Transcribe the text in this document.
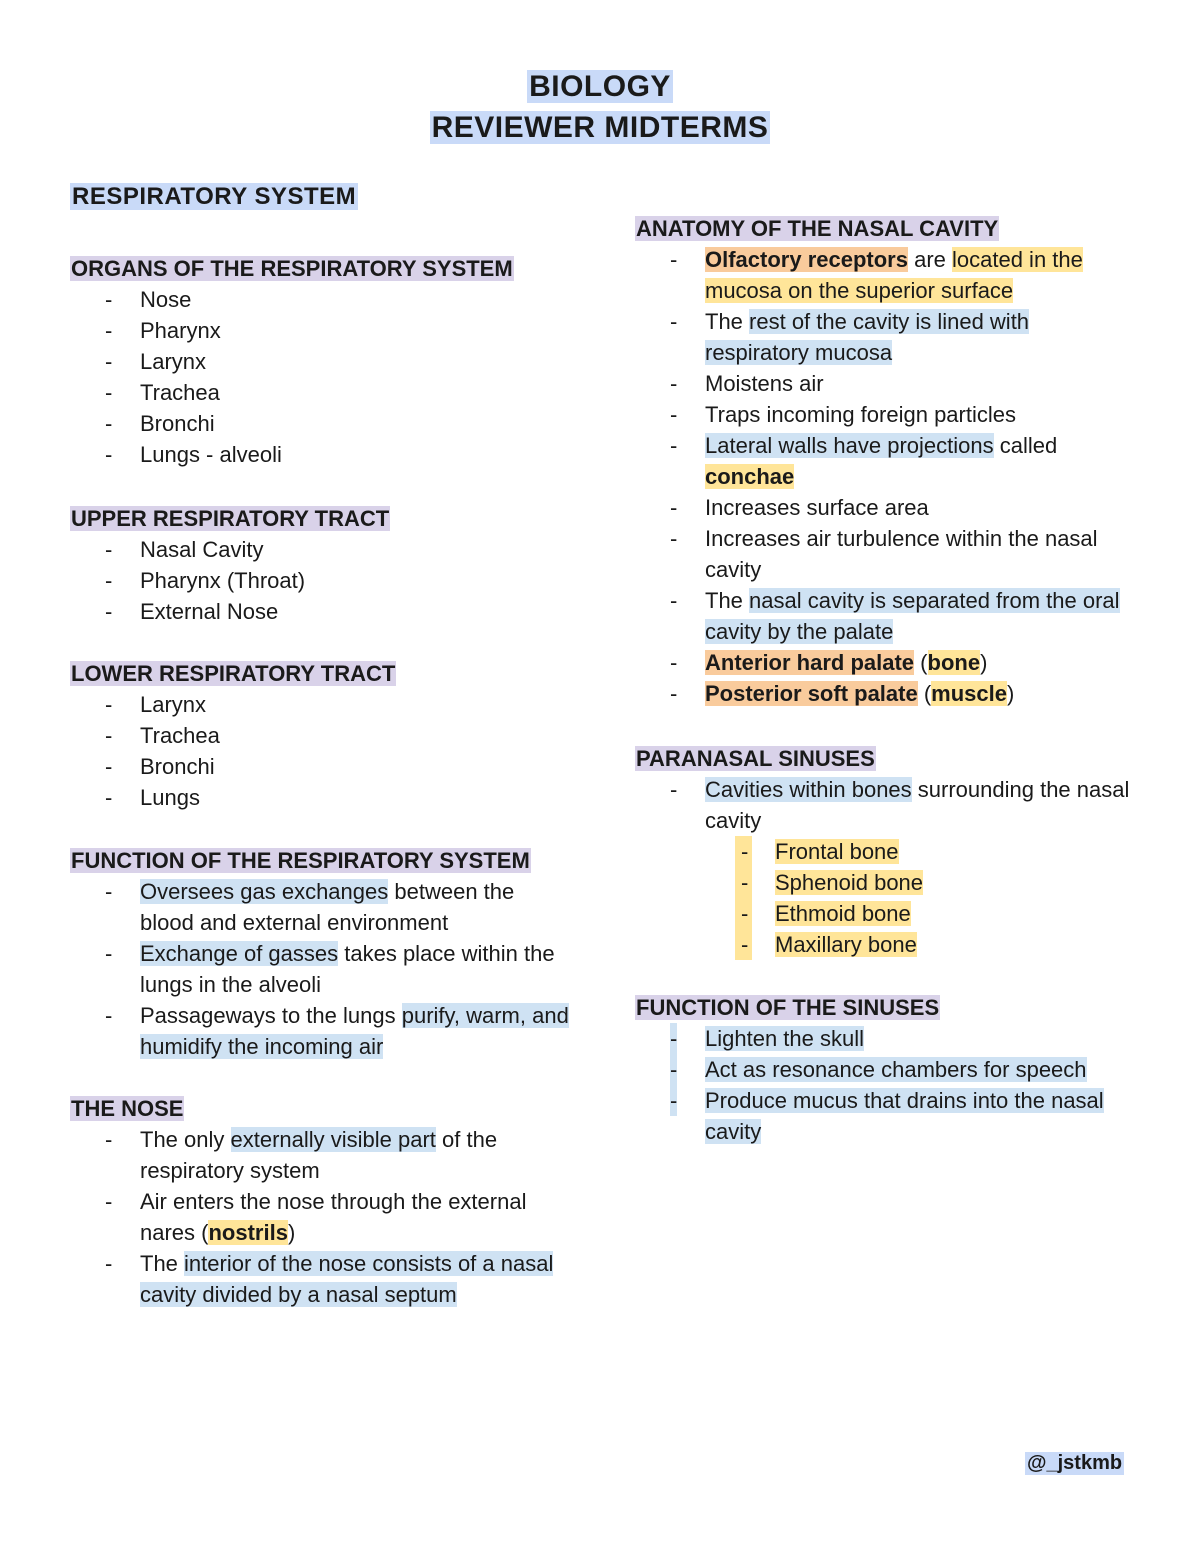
BIOLOGY
REVIEWER MIDTERMS
RESPIRATORY SYSTEM
ORGANS OF THE RESPIRATORY SYSTEM
- Nose
- Pharynx
- Larynx
- Trachea
- Bronchi
- Lungs - alveoli
UPPER RESPIRATORY TRACT
- Nasal Cavity
- Pharynx (Throat)
- External Nose
LOWER RESPIRATORY TRACT
- Larynx
- Trachea
- Bronchi
- Lungs
FUNCTION OF THE RESPIRATORY SYSTEM
- Oversees gas exchanges between the blood and external environment
- Exchange of gasses takes place within the lungs in the alveoli
- Passageways to the lungs purify, warm, and humidify the incoming air
THE NOSE
- The only externally visible part of the respiratory system
- Air enters the nose through the external nares (nostrils)
- The interior of the nose consists of a nasal cavity divided by a nasal septum
ANATOMY OF THE NASAL CAVITY
- Olfactory receptors are located in the mucosa on the superior surface
- The rest of the cavity is lined with respiratory mucosa
- Moistens air
- Traps incoming foreign particles
- Lateral walls have projections called conchae
- Increases surface area
- Increases air turbulence within the nasal cavity
- The nasal cavity is separated from the oral cavity by the palate
- Anterior hard palate (bone)
- Posterior soft palate (muscle)
PARANASAL SINUSES
- Cavities within bones surrounding the nasal cavity
- Frontal bone
- Sphenoid bone
- Ethmoid bone
- Maxillary bone
FUNCTION OF THE SINUSES
- Lighten the skull
- Act as resonance chambers for speech
- Produce mucus that drains into the nasal cavity
@_jstkmb
